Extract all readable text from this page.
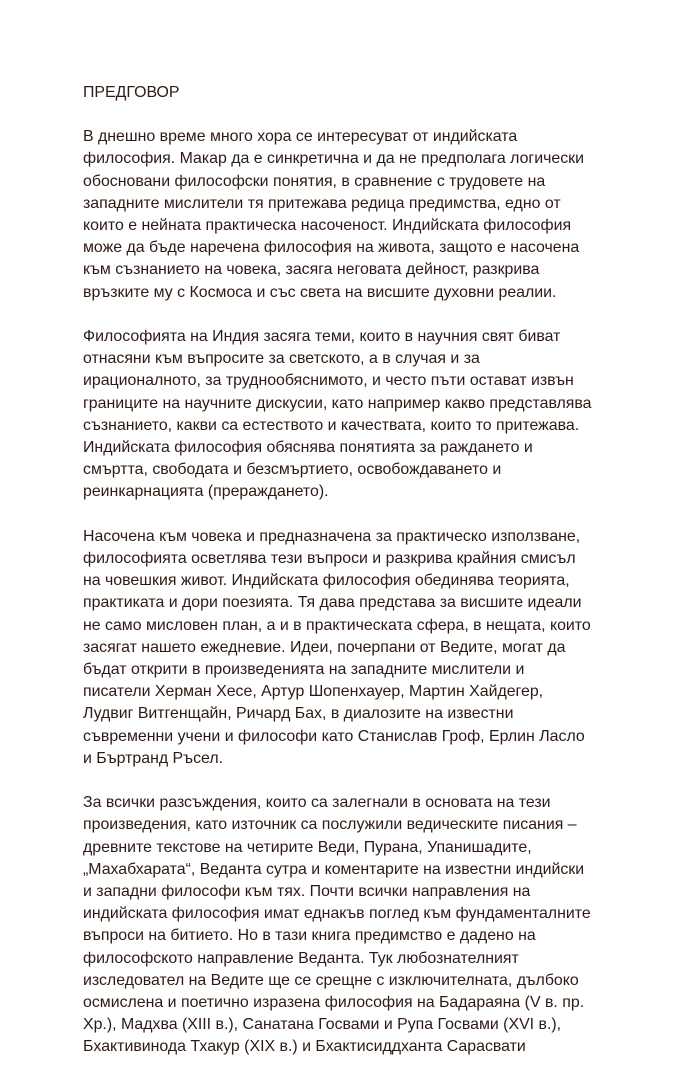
ПРЕДГОВОР
В днешно време много хора се интересуват от индийската
философия. Макар да е синкретична и да не предполага логически
обосновани философски понятия, в сравнение с трудовете на
западните мислители тя притежава редица предимства, едно от
които е нейната практическа насоченост. Индийската философия
може да бъде наречена философия на живота, защото е насочена
към съзнанието на човека, засяга неговата дейност, разкрива
връзките му с Космоса и със света на висшите духовни реалии.
Философията на Индия засяга теми, които в научния свят биват
отнасяни към въпросите за светското, а в случая и за
ирационалното, за труднообяснимото, и често пъти остават извън
границите на научните дискусии, като например какво представлява
съзнанието, какви са естеството и качествата, които то притежава.
Индийската философия обяснява понятията за раждането и
смъртта, свободата и безсмъртието, освобождаването и
реинкарнацията (прераждането).
Насочена към човека и предназначена за практическо използване,
философията осветлява тези въпроси и разкрива крайния смисъл
на човешкия живот. Индийската философия обединява теорията,
практиката и дори поезията. Тя дава представа за висшите идеали
не само мисловен план, а и в практическата сфера, в нещата, които
засягат нашето ежедневие. Идеи, почерпани от Ведите, могат да
бъдат открити в произведенията на западните мислители и
писатели Херман Хесе, Артур Шопенхауер, Мартин Хайдегер,
Лудвиг Витгенщайн, Ричард Бах, в диалозите на известни
съвременни учени и философи като Станислав Гроф, Ерлин Ласло
и Бъртранд Ръсел.
За всички разсъждения, които са залегнали в основата на тези
произведения, като източник са послужили ведическите писания –
древните текстове на четирите Веди, Пурана, Упанишадите,
„Махабхарата“, Веданта сутра и коментарите на известни индийски
и западни философи към тях. Почти всички направления на
индийската философия имат еднакъв поглед към фундаменталните
въпроси на битието. Но в тази книга предимство е дадено на
философското направление Веданта. Тук любознателният
изследовател на Ведите ще се срещне с изключителната, дълбоко
осмислена и поетично изразена философия на Бадараяна (V в. пр.
Хр.), Мадхва (XIII в.), Санатана Госвами и Рупа Госвами (XVI в.),
Бхактивинода Тхакур (XIX в.) и Бхактисиддханта Сарасвати
